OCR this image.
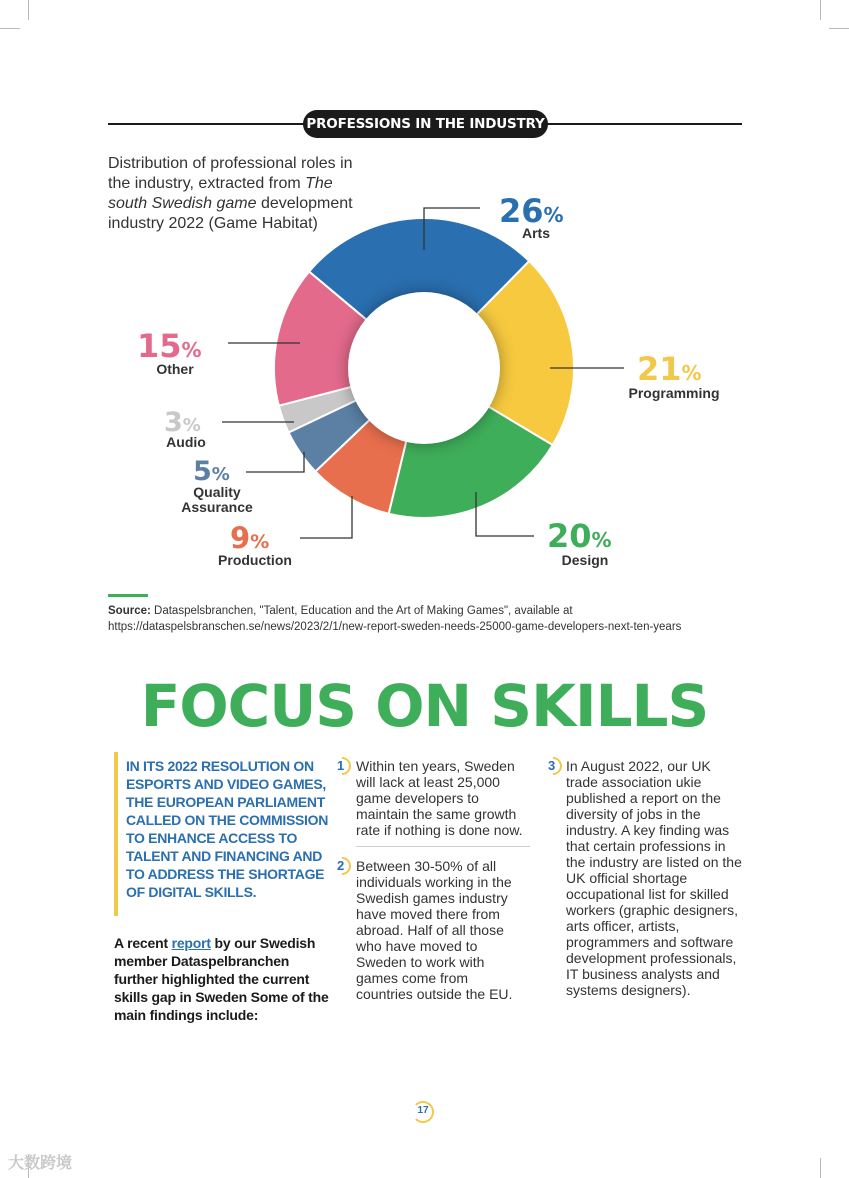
PROFESSIONS IN THE INDUSTRY
Distribution of professional roles in the industry, extracted from The south Swedish game development industry 2022 (Game Habitat)	26%
Arts
21%
Programming
20%
Design
9%
Production
5%
Quality
Assurance
3%
Audio
15%
Other
Source: Dataspelsbranchen, "Talent, Education and the Art of Making Games", available at https://dataspelsbranschen.se/news/2023/2/1/new-report-sweden-needs-25000-game-developers-next-ten-years
FOCUS ON SKILLS
IN ITS 2022 RESOLUTION ON ESPORTS AND VIDEO GAMES, THE EUROPEAN PARLIAMENT CALLED ON THE COMMISSION TO ENHANCE ACCESS TO TALENT AND FINANCING AND TO ADDRESS THE SHORTAGE OF DIGITAL SKILLS.
A recent report by our Swedish member Dataspelbranchen further highlighted the current skills gap in Sweden Some of the main findings include:
1 Within ten years, Sweden will lack at least 25,000 game developers to maintain the same growth rate if nothing is done now.
2 Between 30-50% of all individuals working in the Swedish games industry have moved there from abroad. Half of all those who have moved to Sweden to work with games come from countries outside the EU.
3 In August 2022, our UK trade association ukie published a report on the diversity of jobs in the industry. A key finding was that certain professions in the industry are listed on the UK official shortage occupational list for skilled workers (graphic designers, arts officer, artists, programmers and software development professionals, IT business analysts and systems designers).
17
大数跨境
